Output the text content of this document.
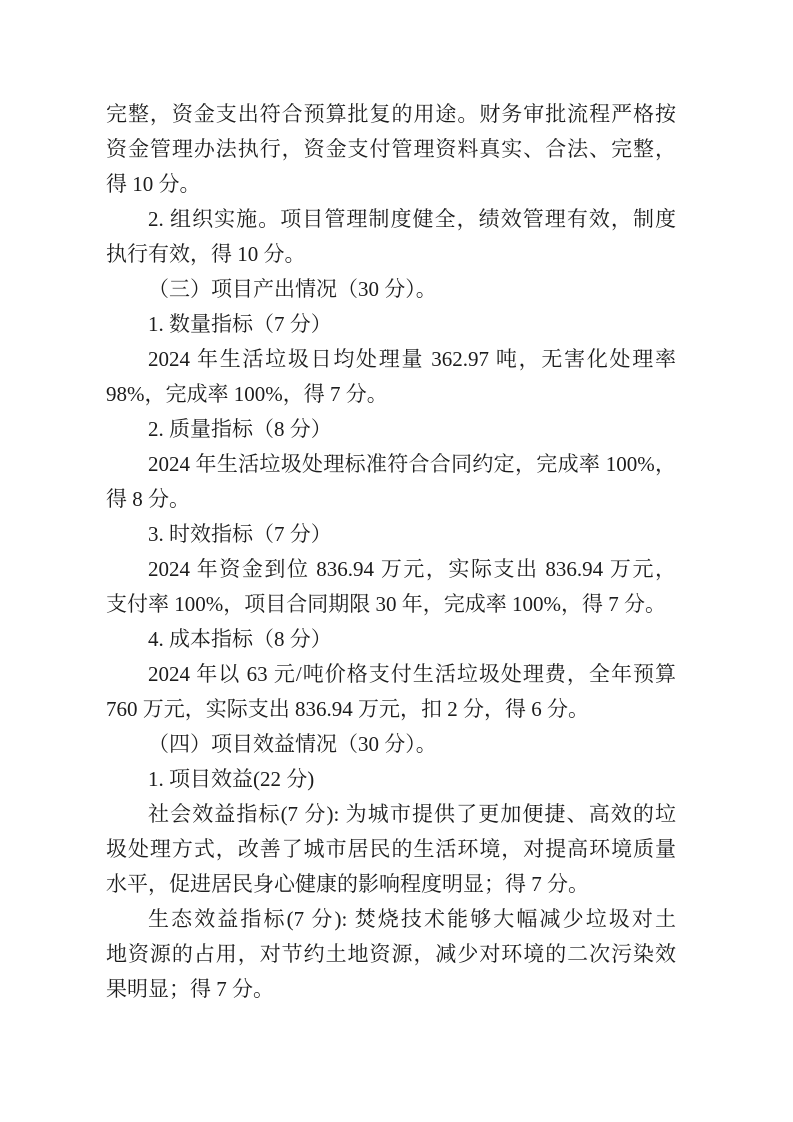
完整，资金支出符合预算批复的用途。财务审批流程严格按
资金管理办法执行，资金支付管理资料真实、合法、完整，
得 10 分。
2. 组织实施。项目管理制度健全，绩效管理有效，制度
执行有效，得 10 分。
（三）项目产出情况（30 分）。
1. 数量指标（7 分）
2024 年生活垃圾日均处理量 362.97 吨，无害化处理率
98%，完成率 100%，得 7 分。
2. 质量指标（8 分）
2024 年生活垃圾处理标准符合合同约定，完成率 100%，
得 8 分。
3. 时效指标（7 分）
2024 年资金到位 836.94 万元，实际支出 836.94 万元，
支付率 100%，项目合同期限 30 年，完成率 100%，得 7 分。
4. 成本指标（8 分）
2024 年以 63 元/吨价格支付生活垃圾处理费，全年预算
760 万元，实际支出 836.94 万元，扣 2 分，得 6 分。
（四）项目效益情况（30 分）。
1. 项目效益(22 分)
社会效益指标(7 分): 为城市提供了更加便捷、高效的垃
圾处理方式，改善了城市居民的生活环境，对提高环境质量
水平，促进居民身心健康的影响程度明显；得 7 分。
生态效益指标(7 分): 焚烧技术能够大幅减少垃圾对土
地资源的占用，对节约土地资源，减少对环境的二次污染效
果明显；得 7 分。
